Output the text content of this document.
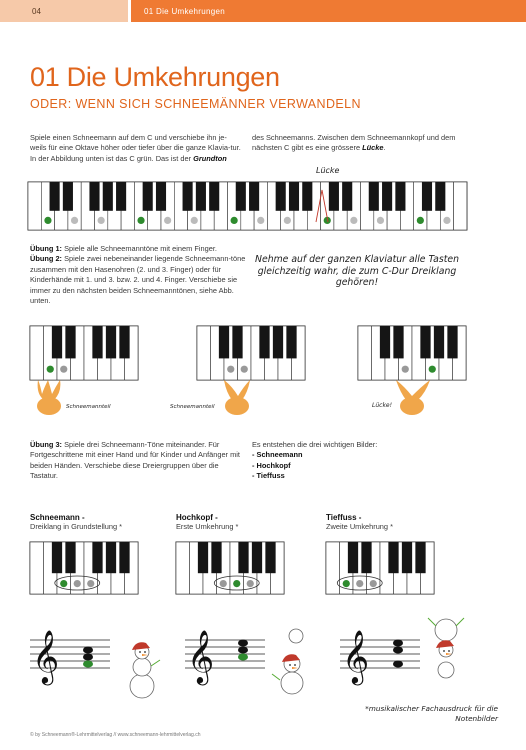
04	01 Die Umkehrungen
01 Die Umkehrungen
ODER: WENN SICH SCHNEEMÄNNER VERWANDELN
Spiele einen Schneemann auf dem C und verschiebe ihn je-weils für eine Oktave höher oder tiefer über die ganze Klavia-tur. In der Abbildung unten ist das C grün. Das ist der Grundton
des Schneemanns. Zwischen dem Schneemannkopf und dem nächsten C gibt es eine grössere Lücke.
Lücke
Übung 1: Spiele alle Schneemanntöne mit einem Finger.
Übung 2: Spiele zwei nebeneinander liegende Schneemann-töne zusammen mit den Hasenohren (2. und 3. Finger) oder für Kinderhände mit 1. und 3. bzw. 2. und 4. Finger. Verschiebe sie immer zu den nächsten beiden Schneemanntönen, siehe Abb. unten.
Nehme auf der ganzen Klaviatur alle Tasten gleichzeitig wahr, die zum C-Dur Dreiklang gehören!
Schneemannteil	Schneemannteil	Lücke!
Übung 3: Spiele drei Schneemann-Töne miteinander. Für Fortgeschrittene mit einer Hand und für Kinder und Anfänger mit beiden Händen. Verschiebe diese Dreiergruppen über die Tastatur.
Es entstehen die drei wichtigen Bilder:
- Schneemann
- Hochkopf
- Tieffuss
Schneemann -
Dreiklang in Grundstellung *
Hochkopf -
Erste Umkehrung *
Tieffuss -
Zweite Umkehrung *
𝄞	𝄞	𝄞
*musikalischer Fachausdruck für die Notenbilder
© by Schneemann®-Lehrmittelverlag // www.schneemann-lehrmittelverlag.ch
